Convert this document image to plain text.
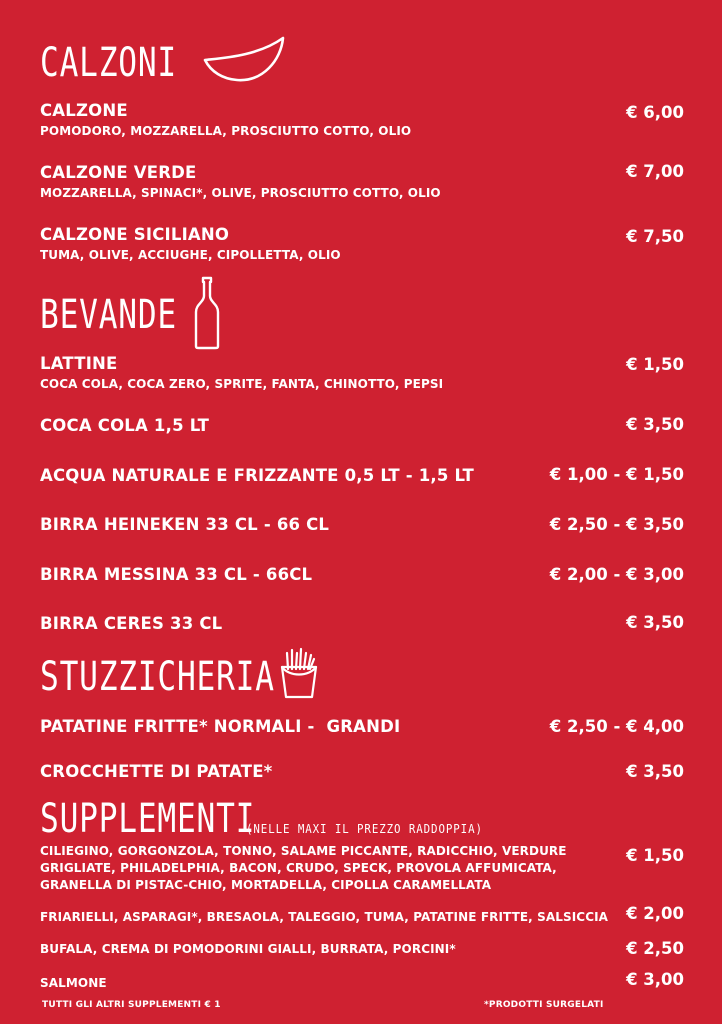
CALZONI
CALZONE
POMODORO, MOZZARELLA, PROSCIUTTO COTTO, OLIO
€ 6,00
CALZONE VERDE
MOZZARELLA, SPINACI*, OLIVE, PROSCIUTTO COTTO, OLIO
€ 7,00
CALZONE SICILIANO
TUMA, OLIVE, ACCIUGHE, CIPOLLETTA, OLIO
€ 7,50
BEVANDE
LATTINE
COCA COLA, COCA ZERO, SPRITE, FANTA, CHINOTTO, PEPSI
€ 1,50
COCA COLA 1,5 LT	€ 3,50
ACQUA NATURALE E FRIZZANTE 0,5 LT - 1,5 LT	€ 1,00 - € 1,50
BIRRA HEINEKEN 33 CL - 66 CL	€ 2,50 - € 3,50
BIRRA MESSINA 33 CL - 66CL	€ 2,00 - € 3,00
BIRRA CERES 33 CL	€ 3,50
STUZZICHERIA
PATATINE FRITTE* NORMALI -  GRANDI	€ 2,50 - € 4,00
CROCCHETTE DI PATATE*	€ 3,50
SUPPLEMENTI
(NELLE MAXI IL PREZZO RADDOPPIA)
CILIEGINO, GORGONZOLA, TONNO, SALAME PICCANTE, RADICCHIO, VERDURE GRIGLIATE, PHILADELPHIA, BACON, CRUDO, SPECK, PROVOLA AFFUMICATA, GRANELLA DI PISTAC-CHIO, MORTADELLA, CIPOLLA CARAMELLATA
€ 1,50
FRIARIELLI, ASPARAGI*, BRESAOLA, TALEGGIO, TUMA, PATATINE FRITTE, SALSICCIA € 2,00
BUFALA, CREMA DI POMODORINI GIALLI, BURRATA, PORCINI*	€ 2,50
SALMONE	€ 3,00
TUTTI GLI ALTRI SUPPLEMENTI € 1	*PRODOTTI SURGELATI
